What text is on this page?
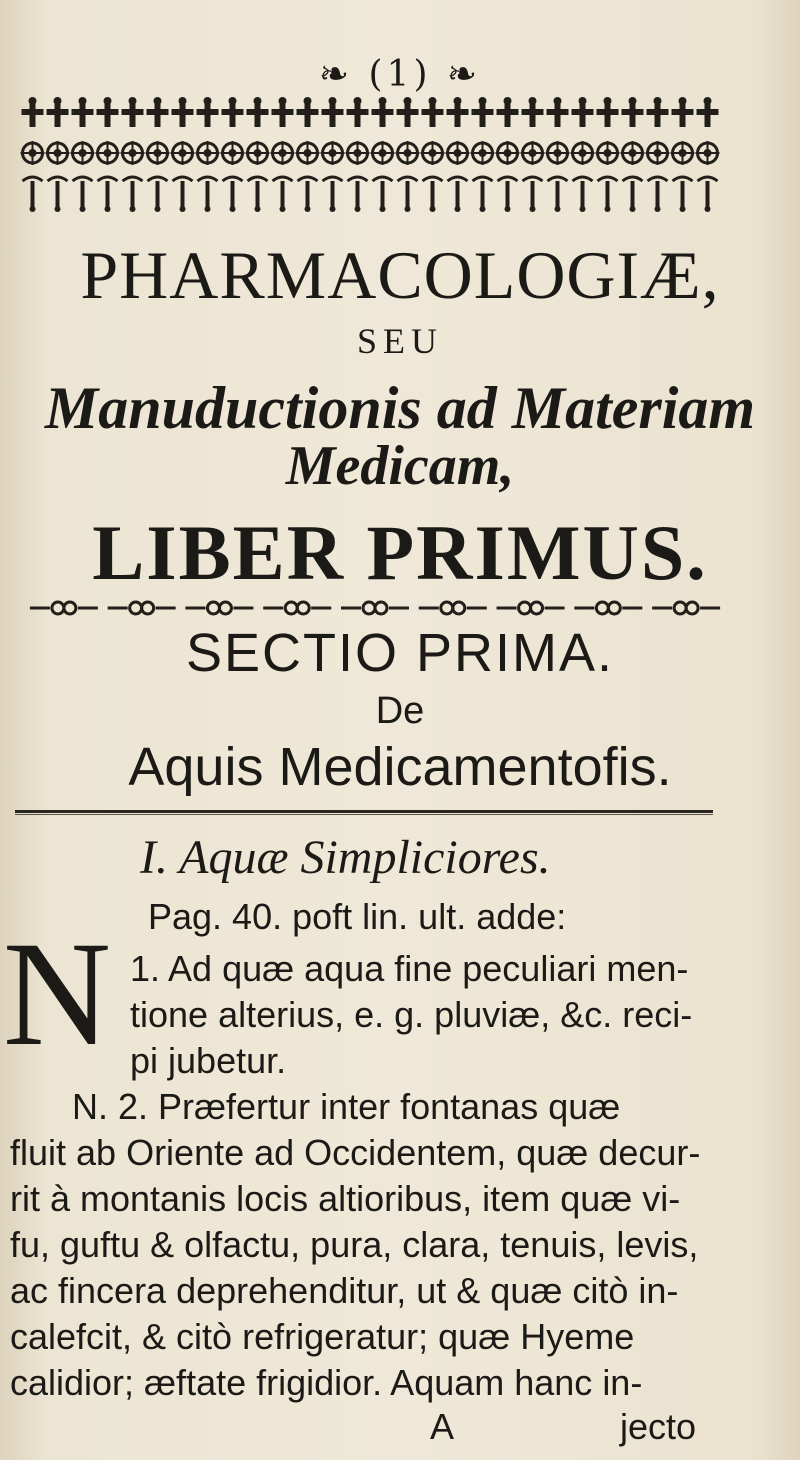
❧ (1) ❧
PHARMACOLOGIÆ,
SEU
Manuductionis ad Materiam
Medicam,
LIBER PRIMUS.
SECTIO PRIMA.
De
Aquis Medicamentofis.
I. Aquæ Simpliciores.
Pag. 40. poft lin. ult. adde:
N 1. Ad quæ aqua fine peculiari men-
tione alterius, e. g. pluviæ, &c. reci-
pi jubetur.
N. 2. Præfertur inter fontanas quæ
fluit ab Oriente ad Occidentem, quæ decur-
rit à montanis locis altioribus, item quæ vi-
fu, guftu & olfactu, pura, clara, tenuis, levis,
ac fincera deprehenditur, ut & quæ citò in-
calefcit, & citò refrigeratur; quæ Hyeme
calidior; æftate frigidior. Aquam hanc in-
A	jecto
